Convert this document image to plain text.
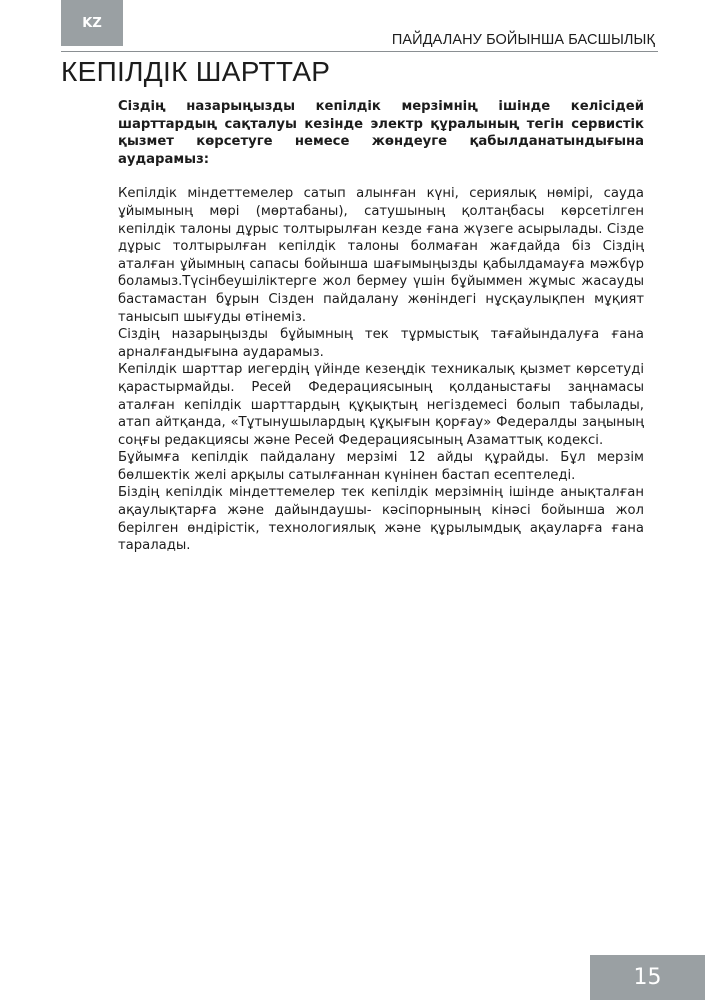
KZ
ПАЙДАЛАНУ БОЙЫНША БАСШЫЛЫҚ
КЕПІЛДІК ШАРТТАР

Сіздің назарыңызды кепілдік мерзімнің ішінде келісідей шарттардың сақталуы кезінде электр құралының тегін сервистік қызмет көрсетуге немесе жөндеуге қабылданатындығына аударамыз:

Кепілдік міндеттемелер сатып алынған күні, сериялық нөмірі, сауда ұйымының мөрі (мөртабаны), сатушының қолтаңбасы көрсетілген кепілдік талоны дұрыс толтырылған кезде ғана жүзеге асырылады. Сізде дұрыс толтырылған кепілдік талоны болмаған жағдайда біз Сіздің аталған ұйымның сапасы бойынша шағымыңызды қабылдамауға мәжбүр боламыз.Түсінбеушіліктерге жол бермеу үшін бұйыммен жұмыс жасауды бастамастан бұрын Сізден пайдалану жөніндегі нұсқаулықпен мұқият танысып шығуды өтінеміз.

Сіздің назарыңызды бұйымның тек тұрмыстық тағайындалуға ғана арналғандығына аударамыз.

Кепілдік шарттар иегердің үйінде кезеңдік техникалық қызмет көрсетуді қарастырмайды. Ресей Федерациясының қолданыстағы заңнамасы аталған кепілдік шарттардың құқықтың негіздемесі болып табылады, атап айтқанда, «Тұтынушылардың құқығын қорғау» Федералды заңының соңғы редакциясы және Ресей Федерациясының Азаматтық кодексі.

Бұйымға кепілдік пайдалану мерзімі 12 айды құрайды. Бұл мерзім бөлшектік желі арқылы сатылғаннан күнінен бастап есептеледі.

Біздің кепілдік міндеттемелер тек кепілдік мерзімнің ішінде анықталған ақаулықтарға және дайындаушы- кәсіпорнының кінәсі бойынша жол берілген өндірістік, технологиялық және құрылымдық ақауларға ғана таралады.

15
